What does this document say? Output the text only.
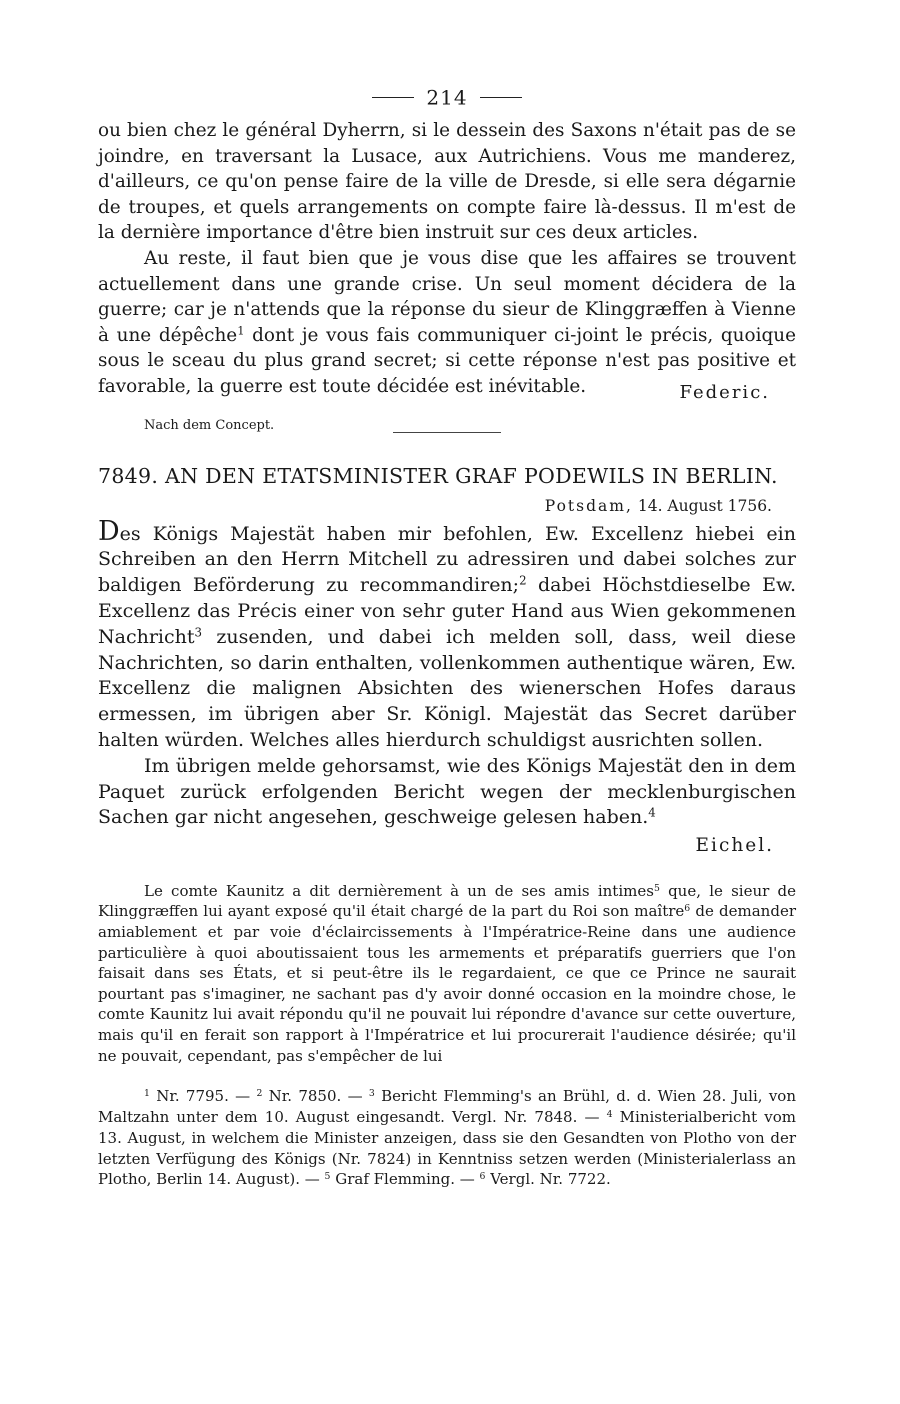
214

ou bien chez le général Dyherrn, si le dessein des Saxons n'était pas de se joindre, en traversant la Lusace, aux Autrichiens. Vous me manderez, d'ailleurs, ce qu'on pense faire de la ville de Dresde, si elle sera dégarnie de troupes, et quels arrangements on compte faire là-dessus. Il m'est de la dernière importance d'être bien instruit sur ces deux articles.

Au reste, il faut bien que je vous dise que les affaires se trouvent actuellement dans une grande crise. Un seul moment décidera de la guerre; car je n'attends que la réponse du sieur de Klinggræffen à Vienne à une dépêche$^1$ dont je vous fais communiquer ci-joint le précis, quoique sous le sceau du plus grand secret; si cette réponse n'est pas positive et favorable, la guerre est toute décidée est inévitable.

Nach dem Concept.
Federic.
7849. AN DEN ETATSMINISTER GRAF PODEWILS IN BERLIN.
Potsdam, 14. August 1756.

Des Königs Majestät haben mir befohlen, Ew. Excellenz hiebei ein Schreiben an den Herrn Mitchell zu adressiren und dabei solches zur baldigen Beförderung zu recommandiren;$^2$ dabei Höchstdieselbe Ew. Excellenz das Précis einer von sehr guter Hand aus Wien gekommenen Nachricht$^3$ zusenden, und dabei ich melden soll, dass, weil diese Nachrichten, so darin enthalten, vollenkommen authentique wären, Ew. Excellenz die malignen Absichten des wienerschen Hofes daraus ermessen, im übrigen aber Sr. Königl. Majestät das Secret darüber halten würden. Welches alles hierdurch schuldigst ausrichten sollen.

Im übrigen melde gehorsamst, wie des Königs Majestät den in dem Paquet zurück erfolgenden Bericht wegen der mecklenburgischen Sachen gar nicht angesehen, geschweige gelesen haben.$^4$

Eichel.

Le comte Kaunitz a dit dernièrement à un de ses amis intimes$^5$ que, le sieur de Klinggræffen lui ayant exposé qu'il était chargé de la part du Roi son maître$^6$ de demander amiablement et par voie d'éclaircissements à l'Impératrice-Reine dans une audience particulière à quoi aboutissaient tous les armements et préparatifs guerriers que l'on faisait dans ses États, et si peut-être ils le regardaient, ce que ce Prince ne saurait pourtant pas s'imaginer, ne sachant pas d'y avoir donné occasion en la moindre chose, le comte Kaunitz lui avait répondu qu'il ne pouvait lui répondre d'avance sur cette ouverture, mais qu'il en ferait son rapport à l'Impératrice et lui procurerait l'audience désirée; qu'il ne pouvait, cependant, pas s'empêcher de lui

$^1$ Nr. 7795. — $^2$ Nr. 7850. — $^3$ Bericht Flemming's an Brühl, d. d. Wien 28. Juli, von Maltzahn unter dem 10. August eingesandt. Vergl. Nr. 7848. — $^4$ Ministerialbericht vom 13. August, in welchem die Minister anzeigen, dass sie den Gesandten von Plotho von der letzten Verfügung des Königs (Nr. 7824) in Kenntniss setzen werden (Ministerialerlass an Plotho, Berlin 14. August). — $^5$ Graf Flemming. — $^6$ Vergl. Nr. 7722.
